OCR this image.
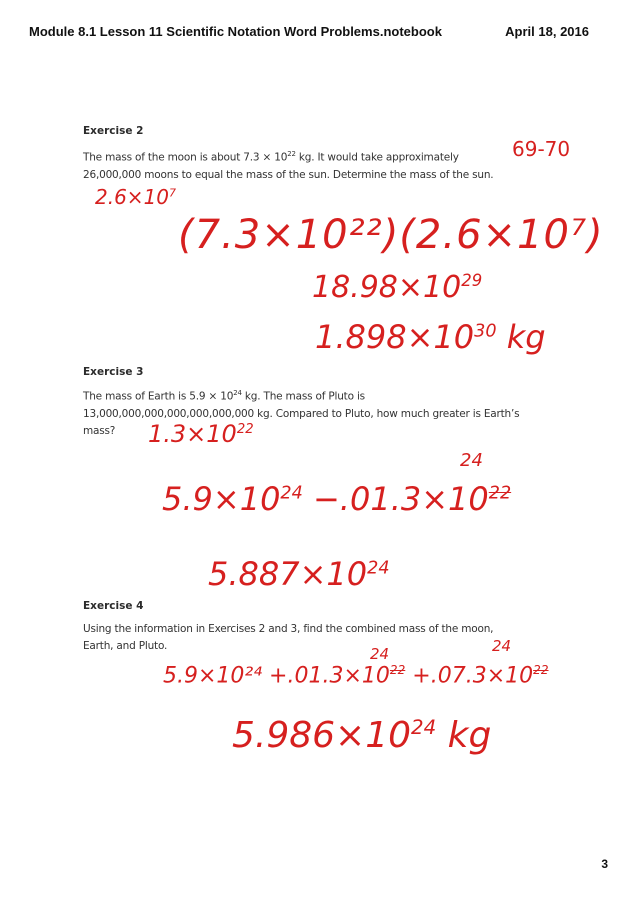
Module 8.1 Lesson 11 Scientific Notation Word Problems.notebook	April 18, 2016
Exercise 2
The mass of the moon is about $7.3 \times 10^{22}$ kg. It would take approximately
26,000,000 moons to equal the mass of the sun. Determine the mass of the sun.
69-70
$2.6\times 10^7$
(7.3×10²²)(2.6×10⁷)
$18.98\times 10^{29}$
$1.898\times 10^{30}$ kg
Exercise 3
The mass of Earth is $5.9 \times 10^{24}$ kg. The mass of Pluto is
13,000,000,000,000,000,000,000 kg. Compared to Pluto, how much greater is Earth’s
mass?	$1.3\times 10^{22}$
$5.9\times 10^{24} -.01.3\times 10^{22}$
24
$5.887\times 10^{24}$
Exercise 4
Using the information in Exercises 2 and 3, find the combined mass of the moon,
Earth, and Pluto.
$5.9\times 10^{24} +.01.3\times 10^{22} +.07.3\times 10^{22}$
24	24
$5.986\times 10^{24}$ kg
3
